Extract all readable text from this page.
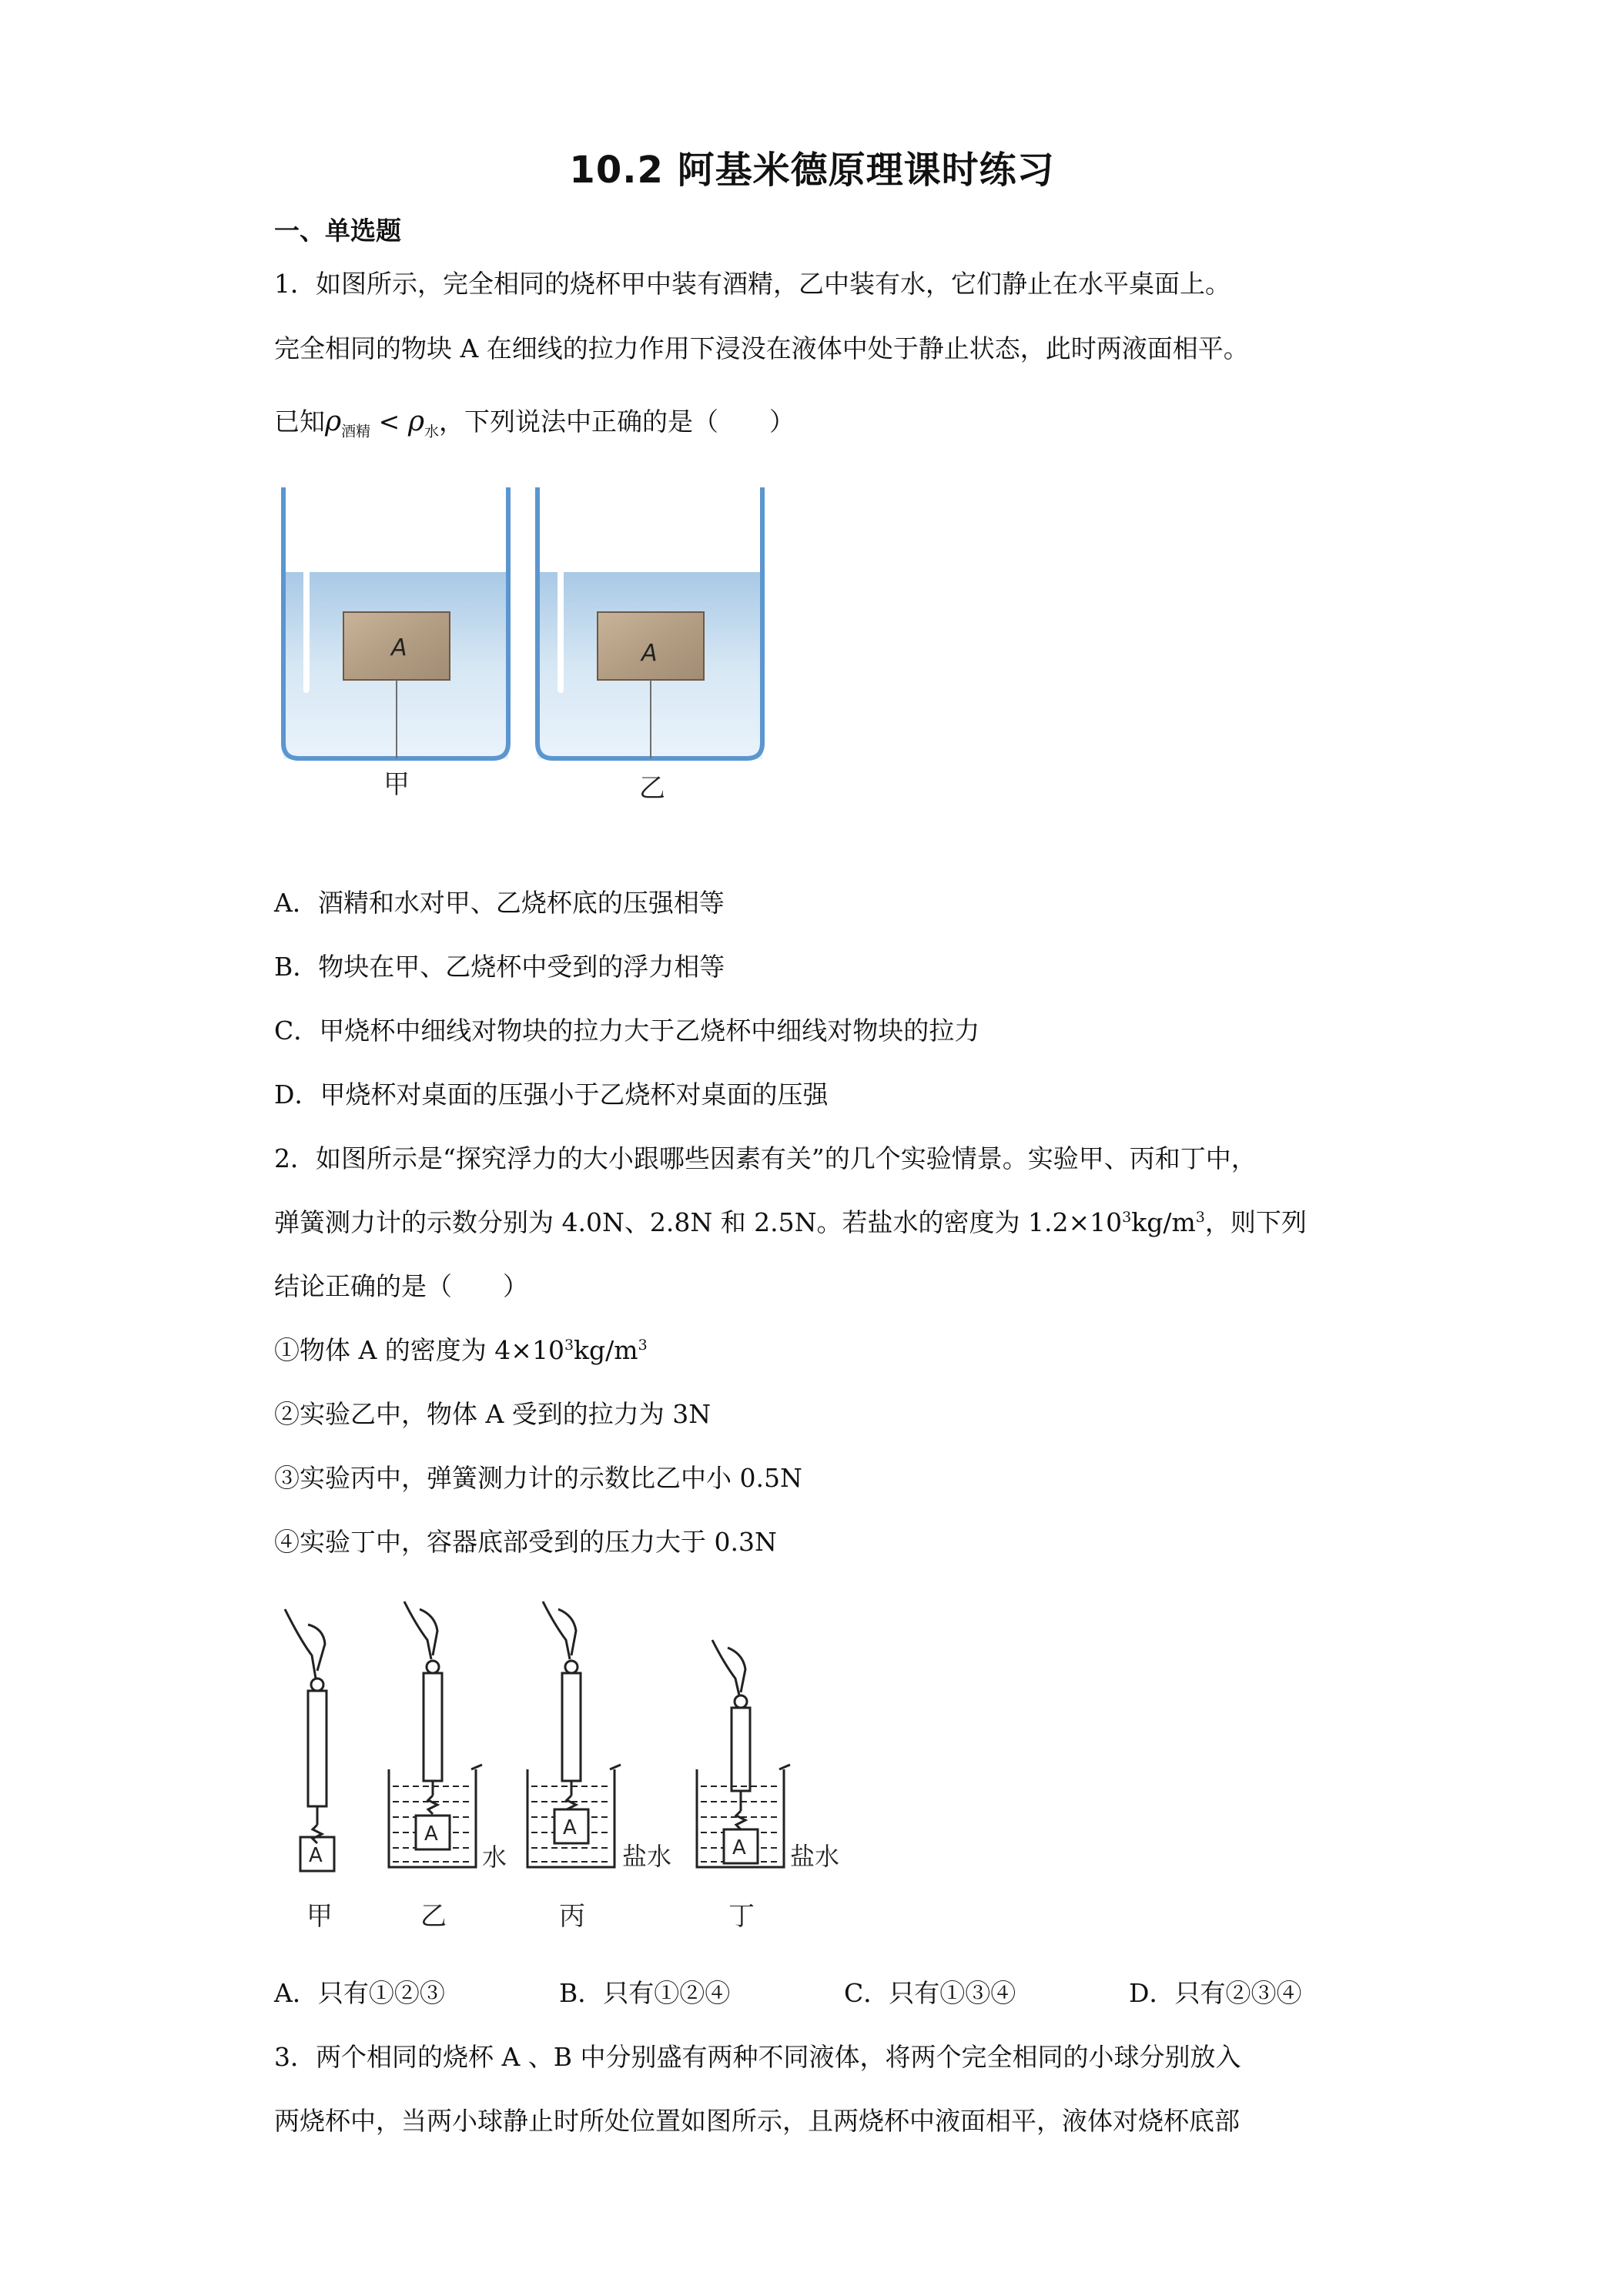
10.2 阿基米德原理课时练习
一、单选题
1．如图所示，完全相同的烧杯甲中装有酒精，乙中装有水，它们静止在水平桌面上。
完全相同的物块 A 在细线的拉力作用下浸没在液体中处于静止状态，此时两液面相平。
已知$\rho_{酒精} < \rho_水$，下列说法中正确的是（　　）
A
甲
A
乙
A．酒精和水对甲、乙烧杯底的压强相等
B．物块在甲、乙烧杯中受到的浮力相等
C．甲烧杯中细线对物块的拉力大于乙烧杯中细线对物块的拉力
D．甲烧杯对桌面的压强小于乙烧杯对桌面的压强
2．如图所示是“探究浮力的大小跟哪些因素有关”的几个实验情景。实验甲、丙和丁中，
弹簧测力计的示数分别为 4.0N、2.8N 和 2.5N。若盐水的密度为 $1.2\times 10^3kg/m^3$，则下列
结论正确的是（　　）
①物体 A 的密度为 $4\times 10^3kg/m^3$
②实验乙中，物体 A 受到的拉力为 3N
③实验丙中，弹簧测力计的示数比乙中小 0.5N
④实验丁中，容器底部受到的压力大于 0.3N
A
甲
A
水
乙
A
盐水
丙
A 盐水
丁
A．只有①②③	B．只有①②④	C．只有①③④	D．只有②③④
3．两个相同的烧杯 A 、B 中分别盛有两种不同液体，将两个完全相同的小球分别放入
两烧杯中，当两小球静止时所处位置如图所示，且两烧杯中液面相平，液体对烧杯底部
